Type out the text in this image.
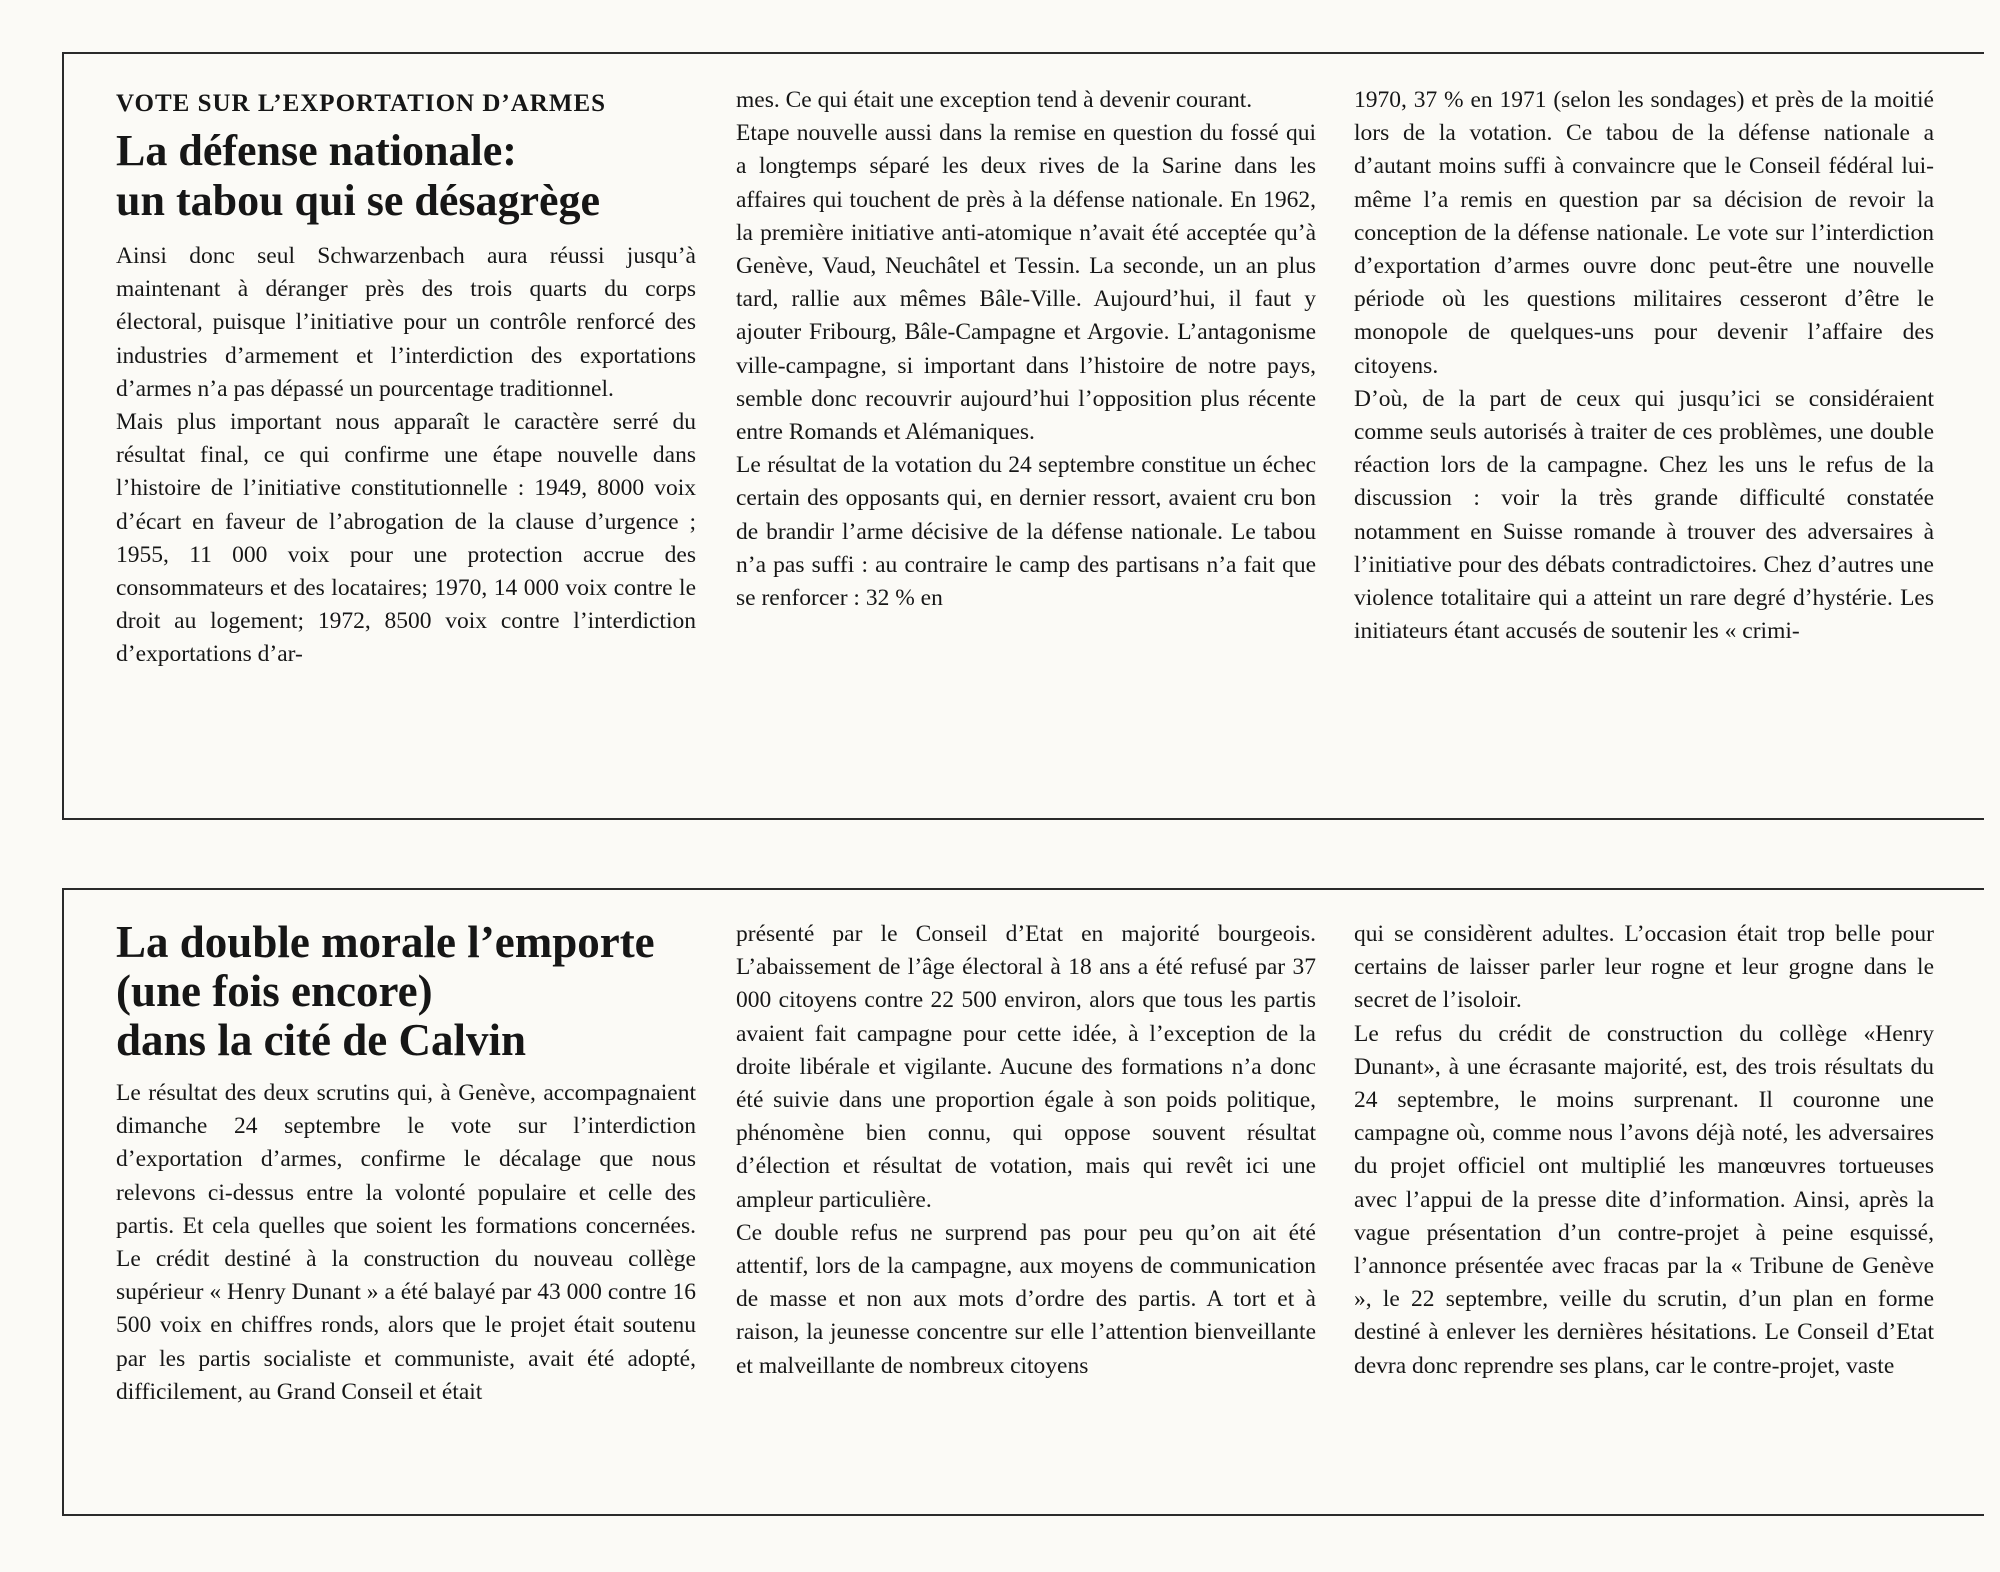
VOTE SUR L’EXPORTATION D’ARMES
La défense nationale:
un tabou qui se désagrège

Ainsi donc seul Schwarzenbach aura réussi jusqu’à maintenant à déranger près des trois quarts du corps électoral, puisque l’initiative pour un contrôle renforcé des industries d’armement et l’interdiction des exportations d’armes n’a pas dépassé un pourcentage traditionnel.

Mais plus important nous apparaît le caractère serré du résultat final, ce qui confirme une étape nouvelle dans l’histoire de l’initiative constitutionnelle : 1949, 8000 voix d’écart en faveur de l’abrogation de la clause d’urgence ; 1955, 11 000 voix pour une protection accrue des consommateurs et des locataires; 1970, 14 000 voix contre le droit au logement; 1972, 8500 voix contre l’interdiction d’exportations d’ar-

mes. Ce qui était une exception tend à devenir courant.

Etape nouvelle aussi dans la remise en question du fossé qui a longtemps séparé les deux rives de la Sarine dans les affaires qui touchent de près à la défense nationale. En 1962, la première initiative anti-atomique n’avait été acceptée qu’à Genève, Vaud, Neuchâtel et Tessin. La seconde, un an plus tard, rallie aux mêmes Bâle-Ville. Aujourd’hui, il faut y ajouter Fribourg, Bâle-Campagne et Argovie. L’antagonisme ville-campagne, si important dans l’histoire de notre pays, semble donc recouvrir aujourd’hui l’opposition plus récente entre Romands et Alémaniques.

Le résultat de la votation du 24 septembre constitue un échec certain des opposants qui, en dernier ressort, avaient cru bon de brandir l’arme décisive de la défense nationale. Le tabou n’a pas suffi : au contraire le camp des partisans n’a fait que se renforcer : 32 % en

1970, 37 % en 1971 (selon les sondages) et près de la moitié lors de la votation. Ce tabou de la défense nationale a d’autant moins suffi à convaincre que le Conseil fédéral lui-même l’a remis en question par sa décision de revoir la conception de la défense nationale. Le vote sur l’interdiction d’exportation d’armes ouvre donc peut-être une nouvelle période où les questions militaires cesseront d’être le monopole de quelques-uns pour devenir l’affaire des citoyens.

D’où, de la part de ceux qui jusqu’ici se considéraient comme seuls autorisés à traiter de ces problèmes, une double réaction lors de la campagne. Chez les uns le refus de la discussion : voir la très grande difficulté constatée notamment en Suisse romande à trouver des adversaires à l’initiative pour des débats contradictoires. Chez d’autres une violence totalitaire qui a atteint un rare degré d’hystérie. Les initiateurs étant accusés de soutenir les « crimi-

La double morale l’emporte
(une fois encore)
dans la cité de Calvin

Le résultat des deux scrutins qui, à Genève, accompagnaient dimanche 24 septembre le vote sur l’interdiction d’exportation d’armes, confirme le décalage que nous relevons ci-dessus entre la volonté populaire et celle des partis. Et cela quelles que soient les formations concernées. Le crédit destiné à la construction du nouveau collège supérieur « Henry Dunant » a été balayé par 43 000 contre 16 500 voix en chiffres ronds, alors que le projet était soutenu par les partis socialiste et communiste, avait été adopté, difficilement, au Grand Conseil et était

présenté par le Conseil d’Etat en majorité bourgeois. L’abaissement de l’âge électoral à 18 ans a été refusé par 37 000 citoyens contre 22 500 environ, alors que tous les partis avaient fait campagne pour cette idée, à l’exception de la droite libérale et vigilante. Aucune des formations n’a donc été suivie dans une proportion égale à son poids politique, phénomène bien connu, qui oppose souvent résultat d’élection et résultat de votation, mais qui revêt ici une ampleur particulière.

Ce double refus ne surprend pas pour peu qu’on ait été attentif, lors de la campagne, aux moyens de communication de masse et non aux mots d’ordre des partis. A tort et à raison, la jeunesse concentre sur elle l’attention bienveillante et malveillante de nombreux citoyens

qui se considèrent adultes. L’occasion était trop belle pour certains de laisser parler leur rogne et leur grogne dans le secret de l’isoloir.

Le refus du crédit de construction du collège «Henry Dunant», à une écrasante majorité, est, des trois résultats du 24 septembre, le moins surprenant. Il couronne une campagne où, comme nous l’avons déjà noté, les adversaires du projet officiel ont multiplié les manœuvres tortueuses avec l’appui de la presse dite d’information. Ainsi, après la vague présentation d’un contre-projet à peine esquissé, l’annonce présentée avec fracas par la « Tribune de Genève », le 22 septembre, veille du scrutin, d’un plan en forme destiné à enlever les dernières hésitations. Le Conseil d’Etat devra donc reprendre ses plans, car le contre-projet, vaste
